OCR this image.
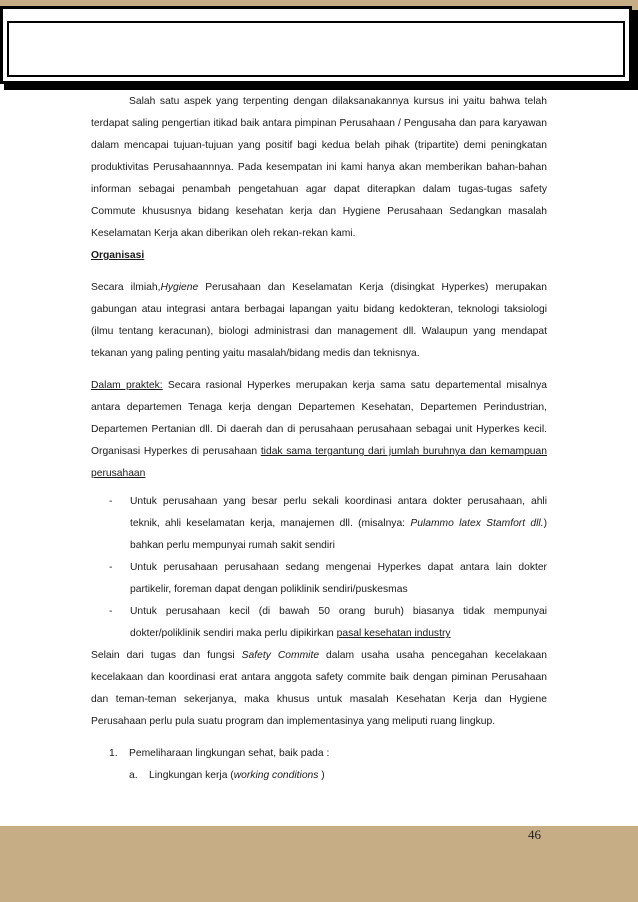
Salah satu aspek yang terpenting dengan dilaksanakannya kursus ini yaitu bahwa telah terdapat saling pengertian itikad baik antara pimpinan Perusahaan / Pengusaha dan para karyawan dalam mencapai tujuan-tujuan yang positif bagi kedua belah pihak (tripartite) demi peningkatan produktivitas Perusahaannnya. Pada kesempatan ini kami hanya akan memberikan bahan-bahan informan sebagai penambah pengetahuan agar dapat diterapkan dalam tugas-tugas safety Commute khususnya bidang kesehatan kerja dan Hygiene Perusahaan Sedangkan masalah Keselamatan Kerja akan diberikan oleh rekan-rekan kami.

Organisasi

Secara ilmiah,Hygiene Perusahaan dan Keselamatan Kerja (disingkat Hyperkes) merupakan gabungan atau integrasi antara berbagai lapangan yaitu bidang kedokteran, teknologi taksiologi (ilmu tentang keracunan), biologi administrasi dan management dll. Walaupun yang mendapat tekanan yang paling penting yaitu masalah/bidang medis dan teknisnya.

Dalam praktek: Secara rasional Hyperkes merupakan kerja sama satu departemental misalnya antara departemen Tenaga kerja dengan Departemen Kesehatan, Departemen Perindustrian, Departemen Pertanian dll. Di daerah dan di perusahaan perusahaan sebagai unit Hyperkes kecil. Organisasi Hyperkes di perusahaan tidak sama tergantung dari jumlah buruhnya dan kemampuan perusahaan

- Untuk perusahaan yang besar perlu sekali koordinasi antara dokter perusahaan, ahli teknik, ahli keselamatan kerja, manajemen dll. (misalnya: Pulammo latex Stamfort dll.) bahkan perlu mempunyai rumah sakit sendiri
- Untuk perusahaan perusahaan sedang mengenai Hyperkes dapat antara lain dokter partikelir, foreman dapat dengan poliklinik sendiri/puskesmas
- Untuk perusahaan kecil (di bawah 50 orang buruh) biasanya tidak mempunyai dokter/poliklinik sendiri maka perlu dipikirkan pasal kesehatan industry

Selain dari tugas dan fungsi Safety Commite dalam usaha usaha pencegahan kecelakaan kecelakaan dan koordinasi erat antara anggota safety commite baik dengan piminan Perusahaan dan teman-teman sekerjanya, maka khusus untuk masalah Kesehatan Kerja dan Hygiene Perusahaan perlu pula suatu program dan implementasinya yang meliputi ruang lingkup.

1. Pemeliharaan lingkungan sehat, baik pada :
a. Lingkungan kerja (working conditions )
46
